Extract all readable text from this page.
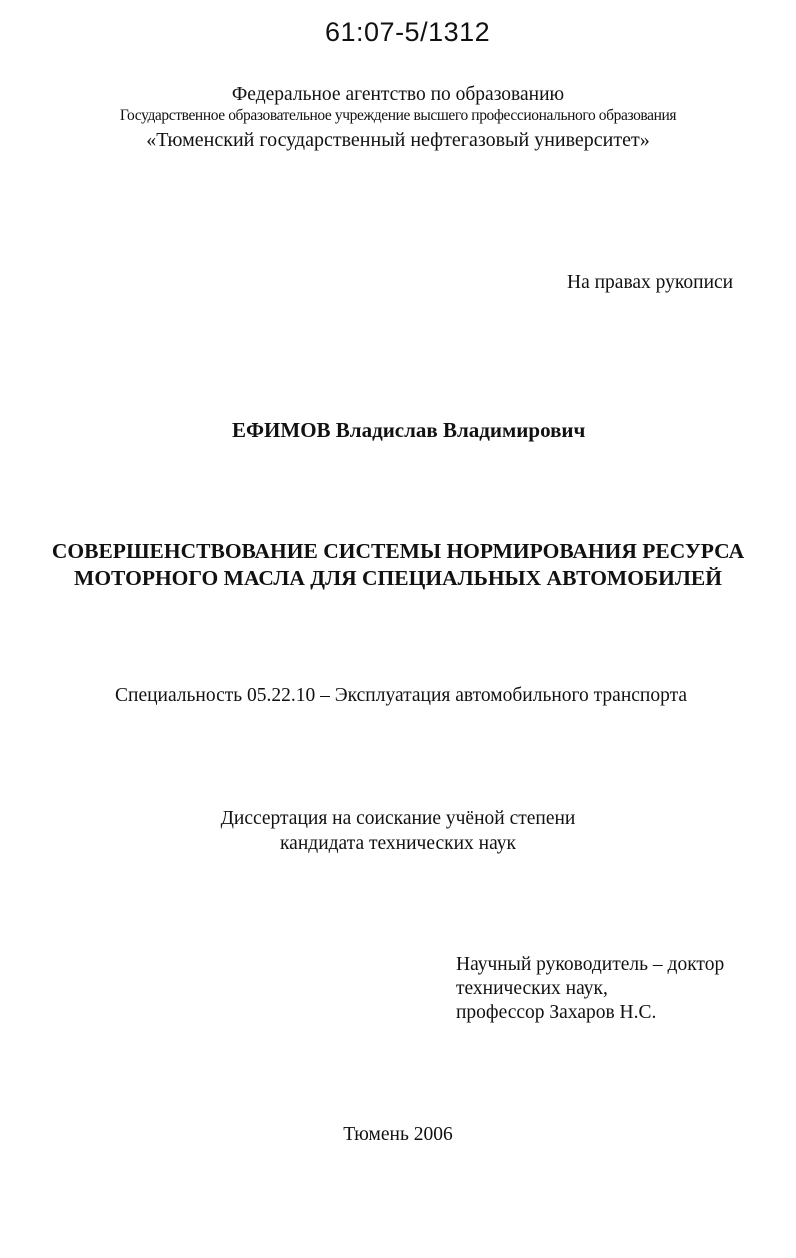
61:07-5/1312
Федеральное агентство по образованию
Государственное образовательное учреждение высшего профессионального образования
«Тюменский государственный нефтегазовый университет»
На правах рукописи
ЕФИМОВ Владислав Владимирович
СОВЕРШЕНСТВОВАНИЕ СИСТЕМЫ НОРМИРОВАНИЯ РЕСУРСА
МОТОРНОГО МАСЛА ДЛЯ СПЕЦИАЛЬНЫХ АВТОМОБИЛЕЙ
Специальность 05.22.10 – Эксплуатация автомобильного транспорта
Диссертация на соискание учёной степени
кандидата технических наук
Научный руководитель – доктор
технических наук,
профессор Захаров Н.С.
Тюмень 2006
